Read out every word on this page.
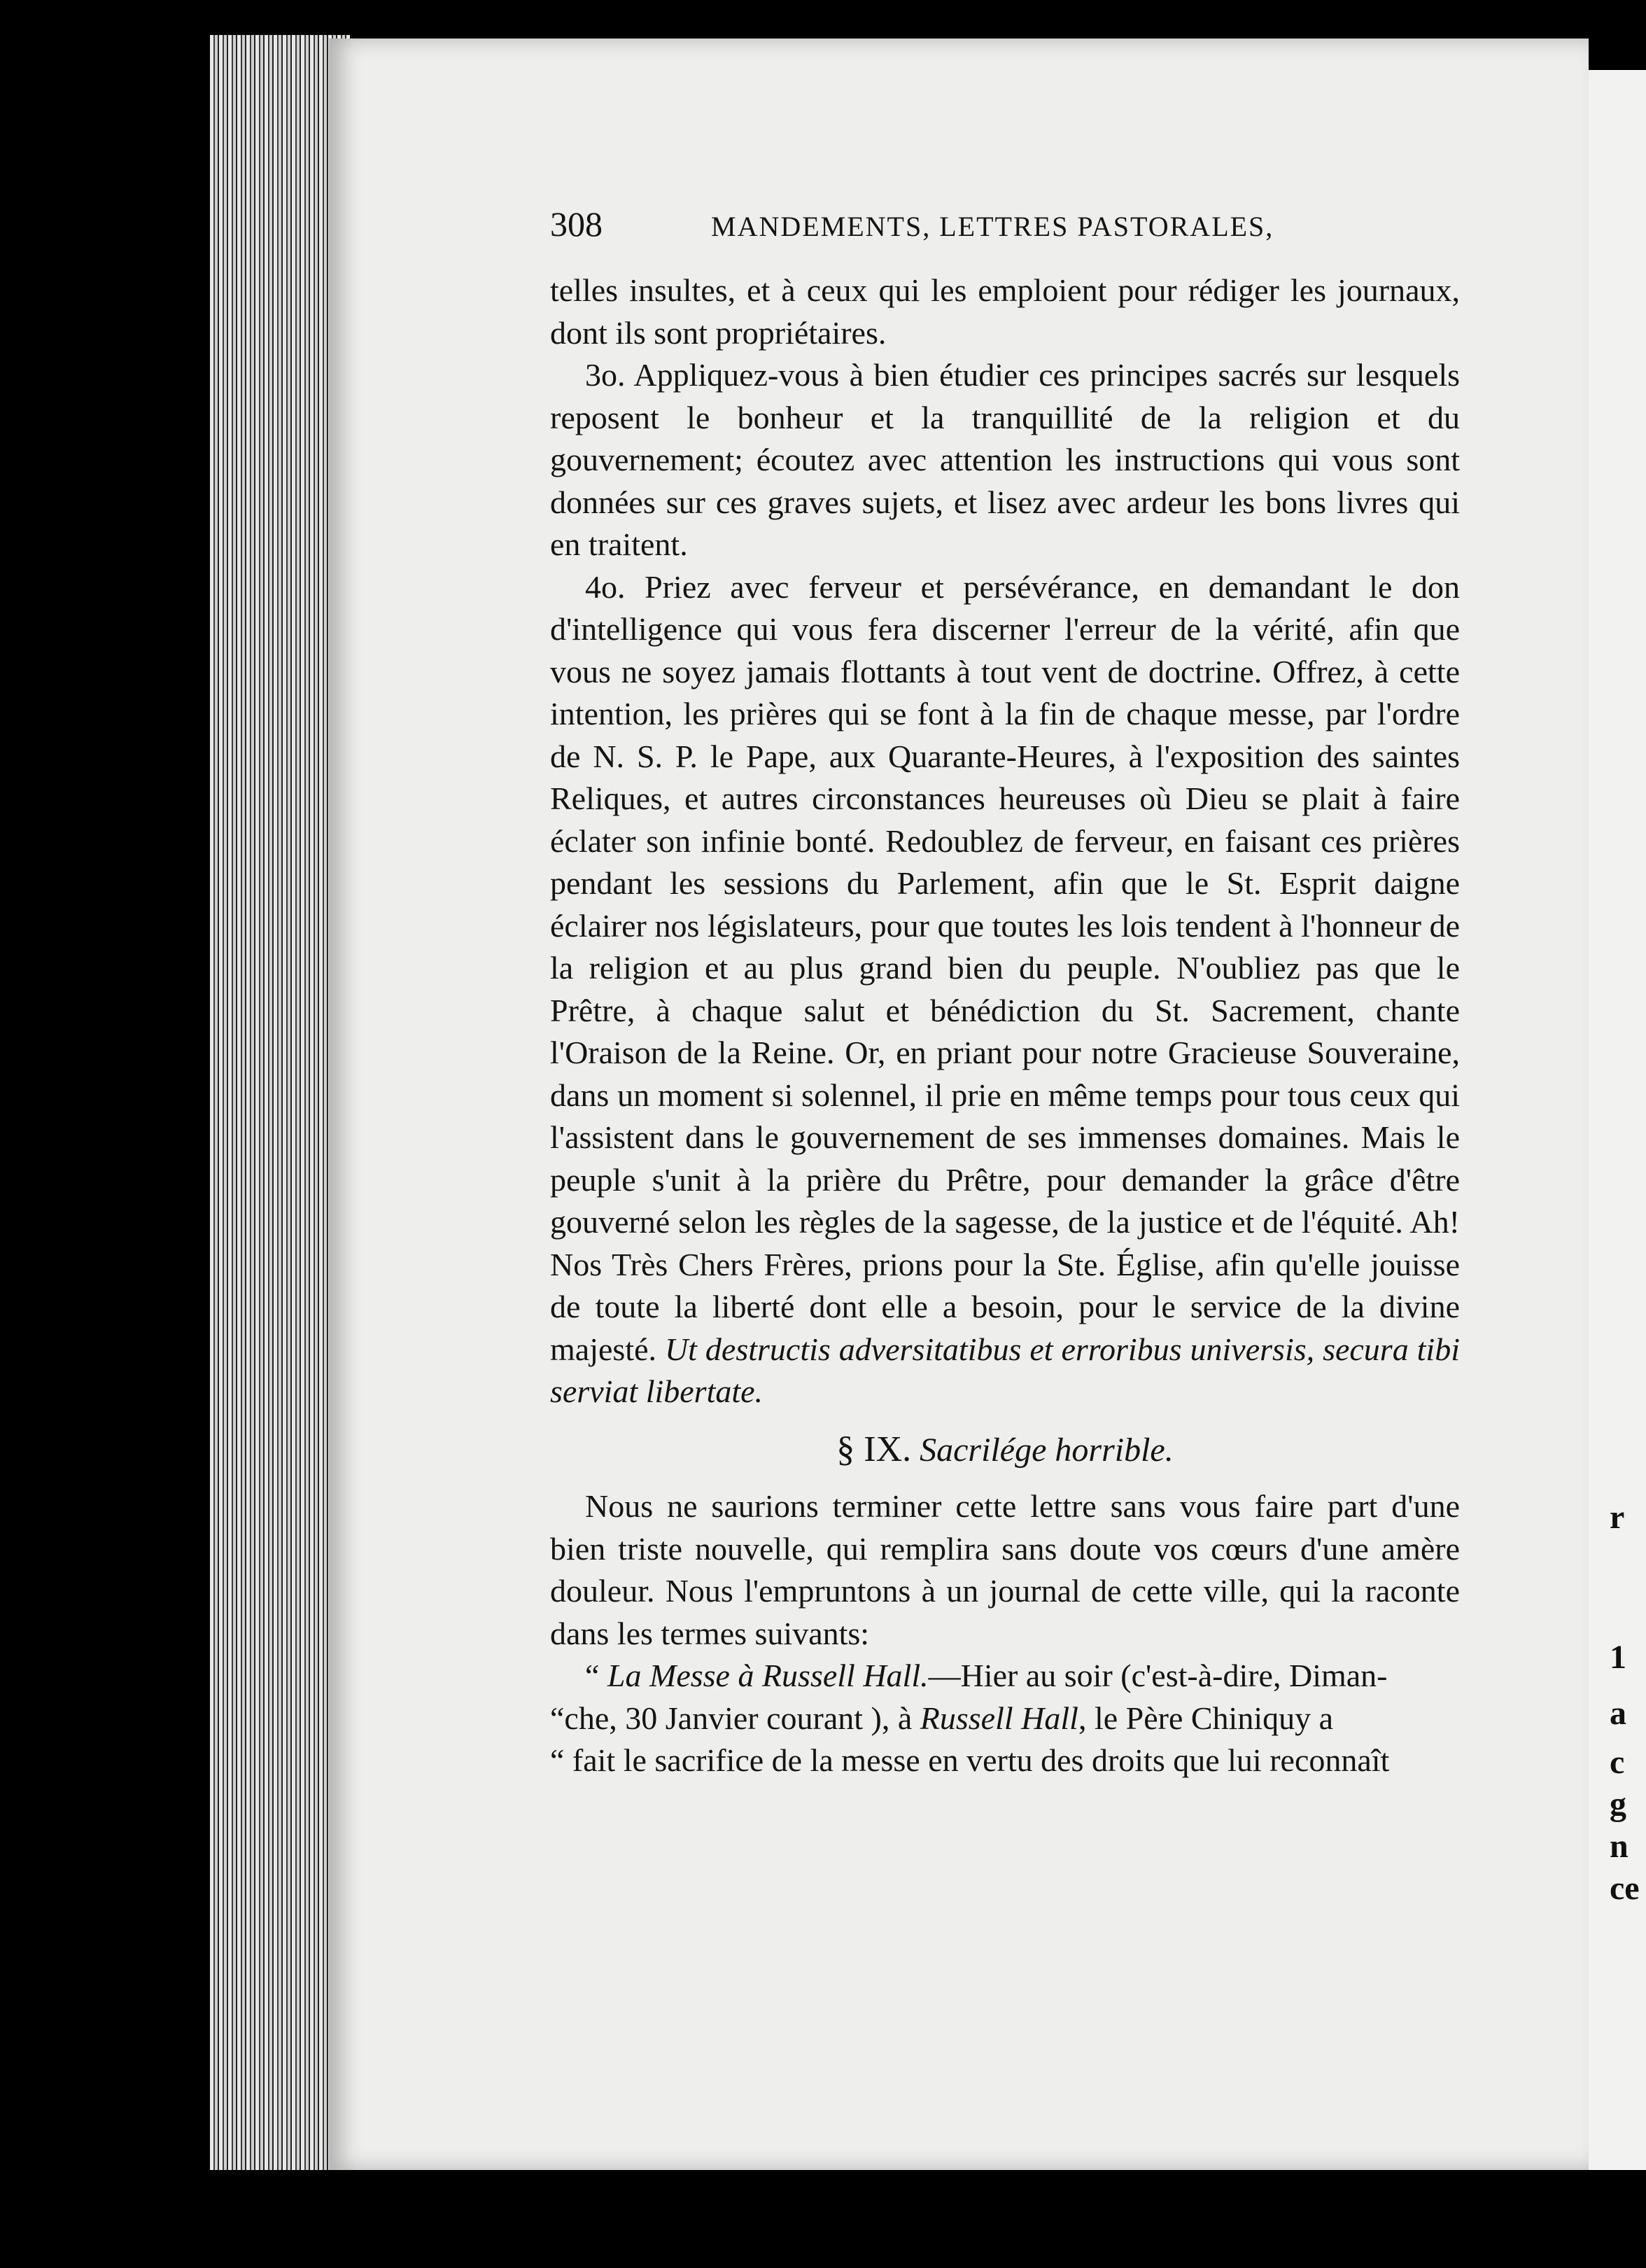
r
1
a
c
g
n
ce
308	MANDEMENTS, LETTRES PASTORALES,

telles insultes, et à ceux qui les emploient pour rédiger les journaux, dont ils sont propriétaires.

3o. Appliquez-vous à bien étudier ces principes sacrés sur lesquels reposent le bonheur et la tranquillité de la religion et du gouvernement; écoutez avec attention les instructions qui vous sont données sur ces graves sujets, et lisez avec ardeur les bons livres qui en traitent.

4o. Priez avec ferveur et persévérance, en demandant le don d'intelligence qui vous fera discerner l'erreur de la vérité, afin que vous ne soyez jamais flottants à tout vent de doctrine. Offrez, à cette intention, les prières qui se font à la fin de chaque messe, par l'ordre de N. S. P. le Pape, aux Quarante-Heures, à l'exposition des saintes Reliques, et autres circonstances heureuses où Dieu se plait à faire éclater son infinie bonté. Redoublez de ferveur, en faisant ces prières pendant les sessions du Parlement, afin que le St. Esprit daigne éclairer nos législateurs, pour que toutes les lois tendent à l'honneur de la religion et au plus grand bien du peuple. N'oubliez pas que le Prêtre, à chaque salut et bénédiction du St. Sacrement, chante l'Oraison de la Reine. Or, en priant pour notre Gracieuse Souveraine, dans un moment si solennel, il prie en même temps pour tous ceux qui l'assistent dans le gouvernement de ses immenses domaines. Mais le peuple s'unit à la prière du Prêtre, pour demander la grâce d'être gouverné selon les règles de la sagesse, de la justice et de l'équité. Ah! Nos Très Chers Frères, prions pour la Ste. Église, afin qu'elle jouisse de toute la liberté dont elle a besoin, pour le service de la divine majesté. Ut destructis adversitatibus et erroribus universis, secura tibi serviat libertate.

§ IX. Sacrilége horrible.

Nous ne saurions terminer cette lettre sans vous faire part d'une bien triste nouvelle, qui remplira sans doute vos cœurs d'une amère douleur. Nous l'empruntons à un journal de cette ville, qui la raconte dans les termes suivants:

“ La Messe à Russell Hall.—Hier au soir (c'est-à-dire, Diman-

“che, 30 Janvier courant ), à Russell Hall, le Père Chiniquy a

“ fait le sacrifice de la messe en vertu des droits que lui reconnaît
